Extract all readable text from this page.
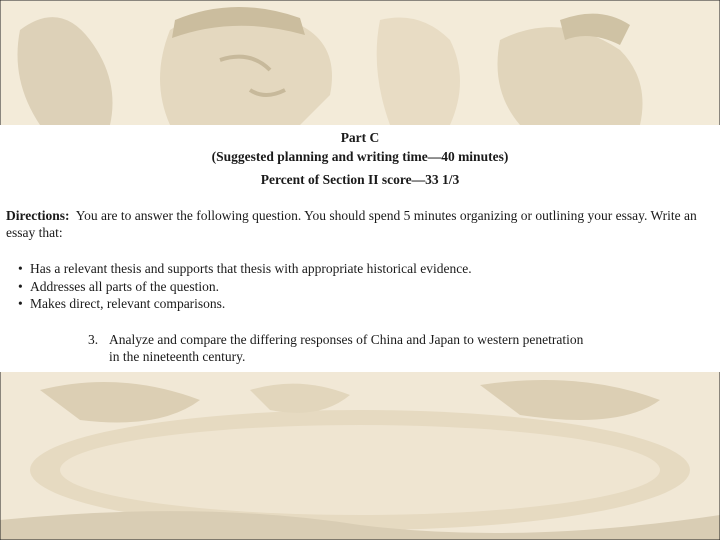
Part C
(Suggested planning and writing time—40 minutes)
Percent of Section II score—33 1/3
Directions: You are to answer the following question. You should spend 5 minutes organizing or outlining your essay. Write an essay that:
• Has a relevant thesis and supports that thesis with appropriate historical evidence.
• Addresses all parts of the question.
• Makes direct, relevant comparisons.
3. Analyze and compare the differing responses of China and Japan to western penetration in the nineteenth century.
